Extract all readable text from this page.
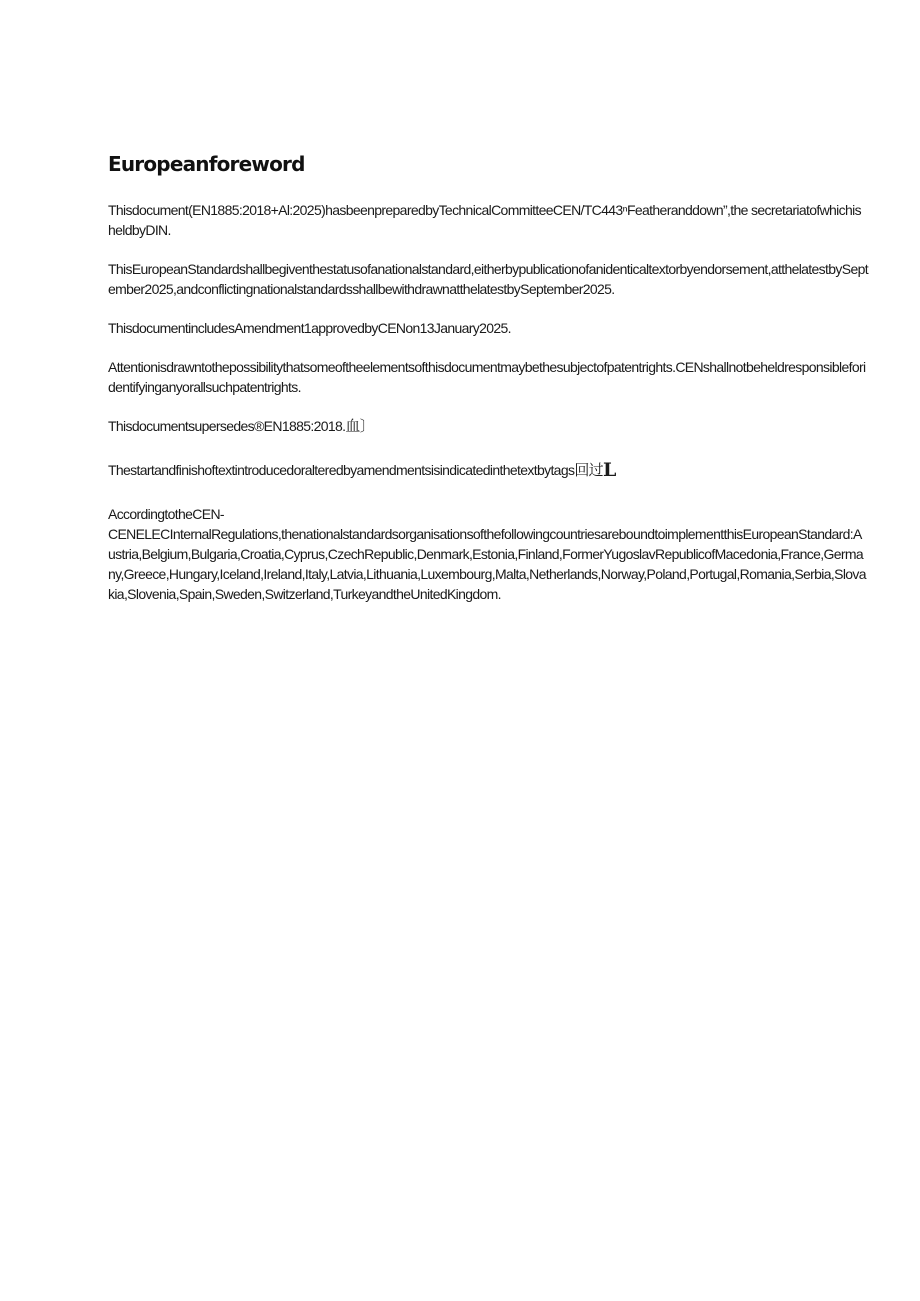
Europeanforeword

Thisdocument(EN1885:2018+Al:2025)hasbeenpreparedbyTechnicalCommitteeCEN/TC443ⁿFeatheranddown”,the secretariatofwhichisheldbyDIN.

ThisEuropeanStandardshallbegiventhestatusofanationalstandard,eitherbypublicationofanidenticaltextorbyendorsement,atthelatestbySeptember2025,andconflictingnationalstandardsshallbewithdrawnatthelatestbySeptember2025.

ThisdocumentincludesAmendment1approvedbyCENon13January2025.

Attentionisdrawntothepossibilitythatsomeoftheelementsofthisdocumentmaybethesubjectofpatentrights.CENshallnotbeheldresponsibleforidentifyinganyorallsuchpatentrights.

Thisdocumentsupersedes®EN1885:2018.血〕

Thestartandfinishoftextintroducedoralteredbyamendmentsisindicatedinthetextbytags回过L

AccordingtotheCEN-
CENELECInternalRegulations,thenationalstandardsorganisationsofthefollowingcountriesareboundtoimplementthisEuropeanStandard:Austria,Belgium,Bulgaria,Croatia,Cyprus,CzechRepublic,Denmark,Estonia,Finland,FormerYugoslavRepublicofMacedonia,France,Germany,Greece,Hungary,Iceland,Ireland,Italy,Latvia,Lithuania,Luxembourg,Malta,Netherlands,Norway,Poland,Portugal,Romania,Serbia,Slovakia,Slovenia,Spain,Sweden,Switzerland,TurkeyandtheUnitedKingdom.
